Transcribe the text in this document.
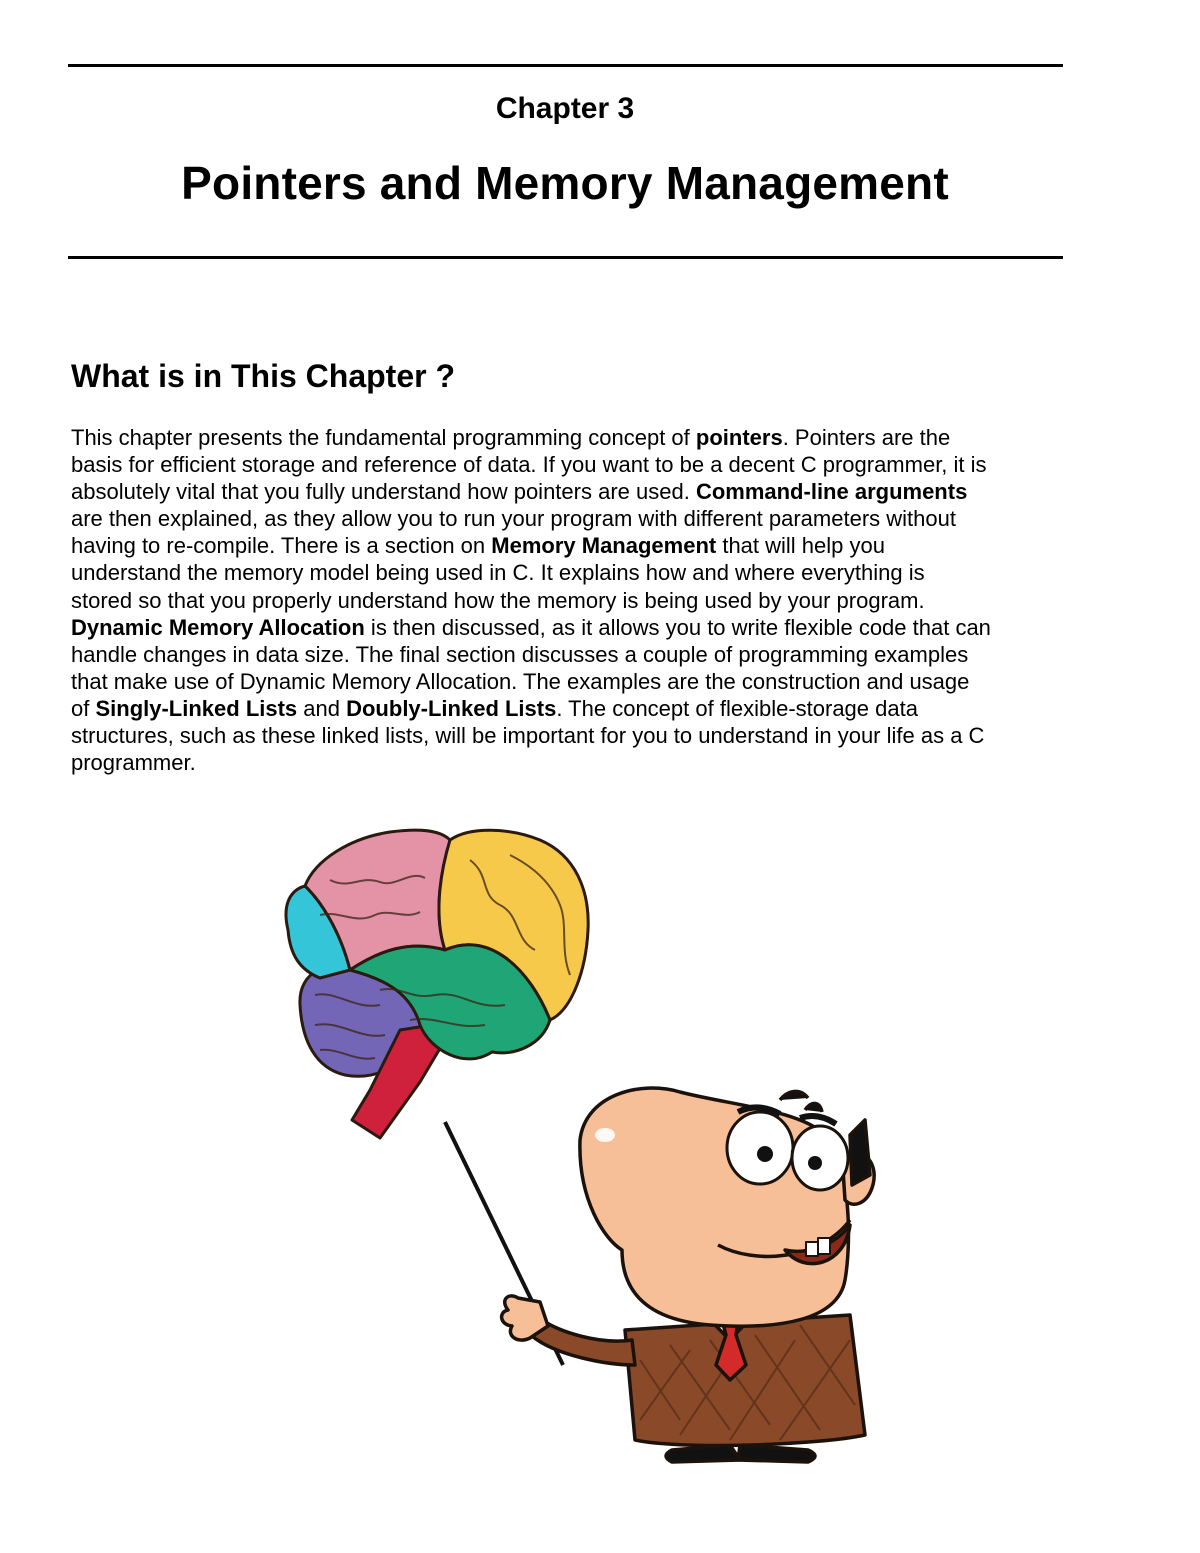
Chapter 3
Pointers and Memory Management
What is in This Chapter ?
This chapter presents the fundamental programming concept of pointers. Pointers are the
basis for efficient storage and reference of data. If you want to be a decent C programmer, it is
absolutely vital that you fully understand how pointers are used. Command-line arguments
are then explained, as they allow you to run your program with different parameters without
having to re-compile. There is a section on Memory Management that will help you
understand the memory model being used in C. It explains how and where everything is
stored so that you properly understand how the memory is being used by your program.
Dynamic Memory Allocation is then discussed, as it allows you to write flexible code that can
handle changes in data size. The final section discusses a couple of programming examples
that make use of Dynamic Memory Allocation. The examples are the construction and usage
of Singly-Linked Lists and Doubly-Linked Lists. The concept of flexible-storage data
structures, such as these linked lists, will be important for you to understand in your life as a C
programmer.
